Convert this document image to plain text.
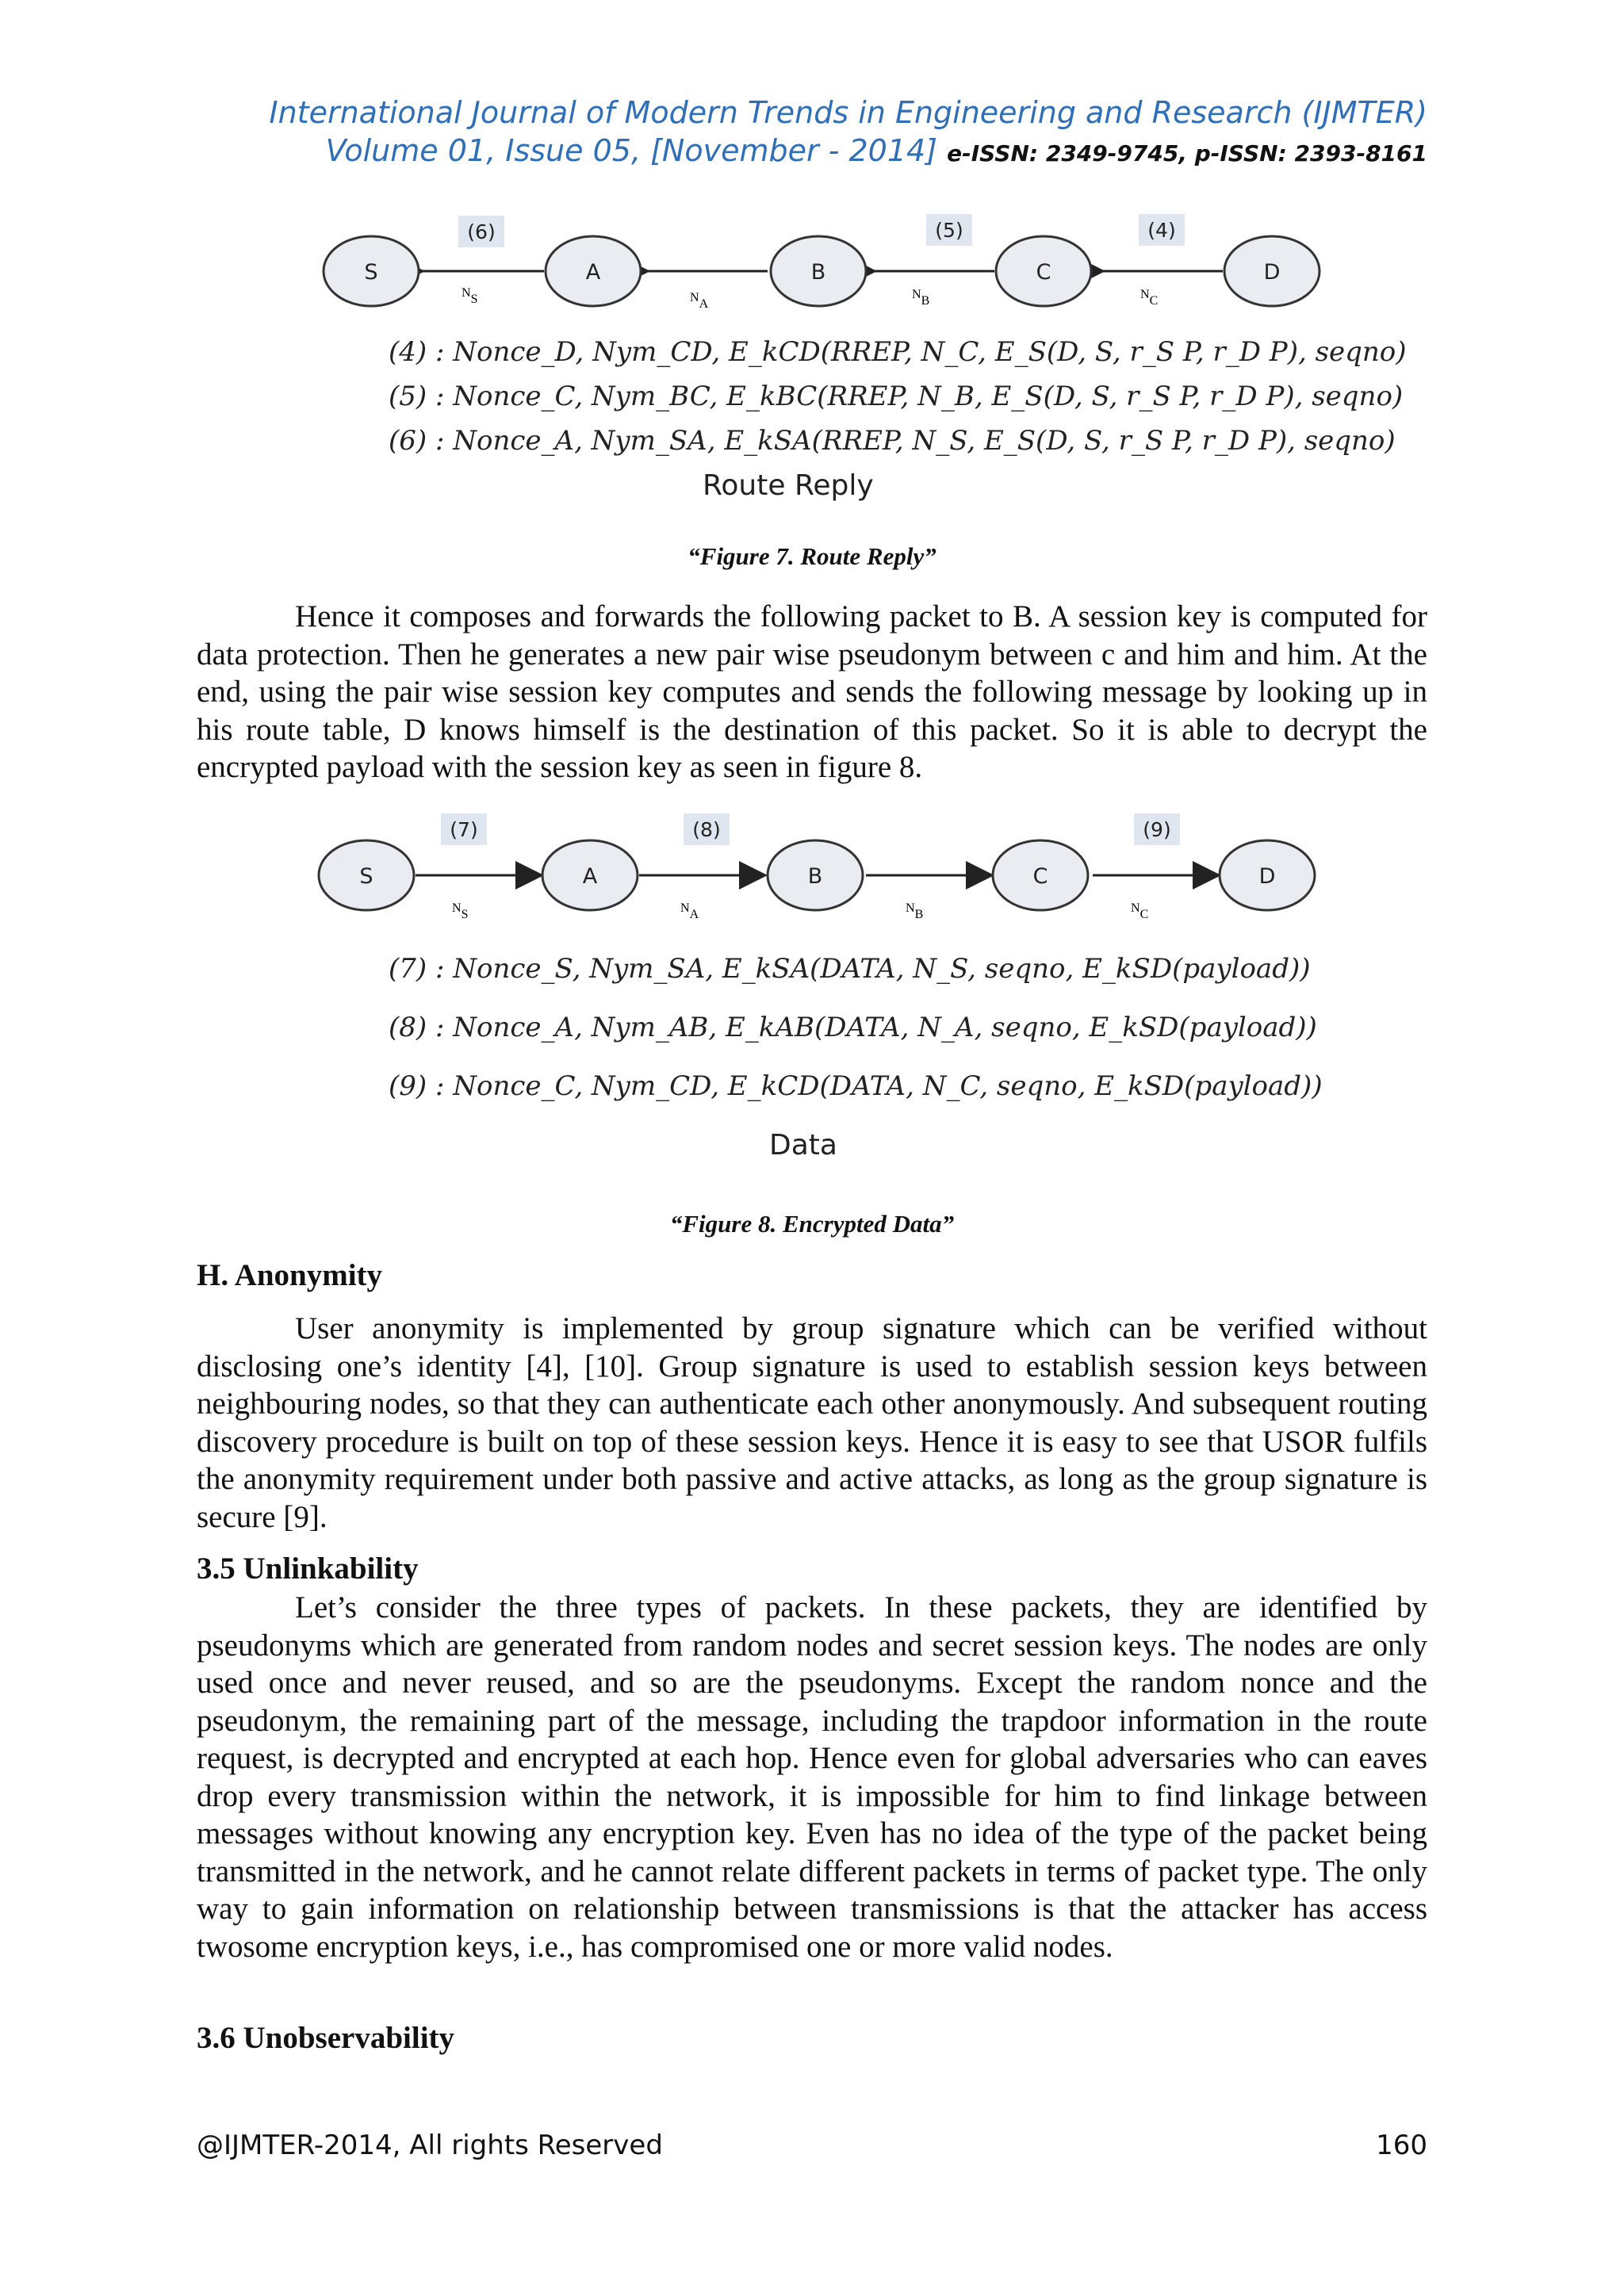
International Journal of Modern Trends in Engineering and Research (IJMTER)
Volume 01, Issue 05, [November - 2014] e-ISSN: 2349-9745, p-ISSN: 2393-8161
(6)	(5)	(4)
S	A	B	C	D
NS	NA
NB	NC
(4) : Nonce_D, Nym_CD, E_kCD(RREP, N_C, E_S(D, S, r_S P, r_D P), seqno)
(5) : Nonce_C, Nym_BC, E_kBC(RREP, N_B, E_S(D, S, r_S P, r_D P), seqno)
(6) : Nonce_A, Nym_SA, E_kSA(RREP, N_S, E_S(D, S, r_S P, r_D P), seqno)
Route Reply
“Figure 7. Route Reply”
Hence it composes and forwards the following packet to B. A session key is computed for data protection. Then he generates a new pair wise pseudonym between c and him and him. At the end, using the pair wise session key computes and sends the following message by looking up in his route table, D knows himself is the destination of this packet. So it is able to decrypt the encrypted payload with the session key as seen in figure 8.
(7)	(8)	(9)
S	A	B	C	D
NS	NA	NB	NC
(7) : Nonce_S, Nym_SA, E_kSA(DATA, N_S, seqno, E_kSD(payload))
(8) : Nonce_A, Nym_AB, E_kAB(DATA, N_A, seqno, E_kSD(payload))
(9) : Nonce_C, Nym_CD, E_kCD(DATA, N_C, seqno, E_kSD(payload))
Data
“Figure 8. Encrypted Data”
H. Anonymity
User anonymity is implemented by group signature which can be verified without disclosing one’s identity [4], [10]. Group signature is used to establish session keys between neighbouring nodes, so that they can authenticate each other anonymously. And subsequent routing discovery procedure is built on top of these session keys. Hence it is easy to see that USOR fulfils the anonymity requirement under both passive and active attacks, as long as the group signature is secure [9].
3.5 Unlinkability
Let’s consider the three types of packets. In these packets, they are identified by pseudonyms which are generated from random nodes and secret session keys. The nodes are only used once and never reused, and so are the pseudonyms. Except the random nonce and the pseudonym, the remaining part of the message, including the trapdoor information in the route request, is decrypted and encrypted at each hop. Hence even for global adversaries who can eaves drop every transmission within the network, it is impossible for him to find linkage between messages without knowing any encryption key. Even has no idea of the type of the packet being transmitted in the network, and he cannot relate different packets in terms of packet type. The only way to gain information on relationship between transmissions is that the attacker has access twosome encryption keys, i.e., has compromised one or more valid nodes.
3.6 Unobservability
@IJMTER-2014, All rights Reserved	160
